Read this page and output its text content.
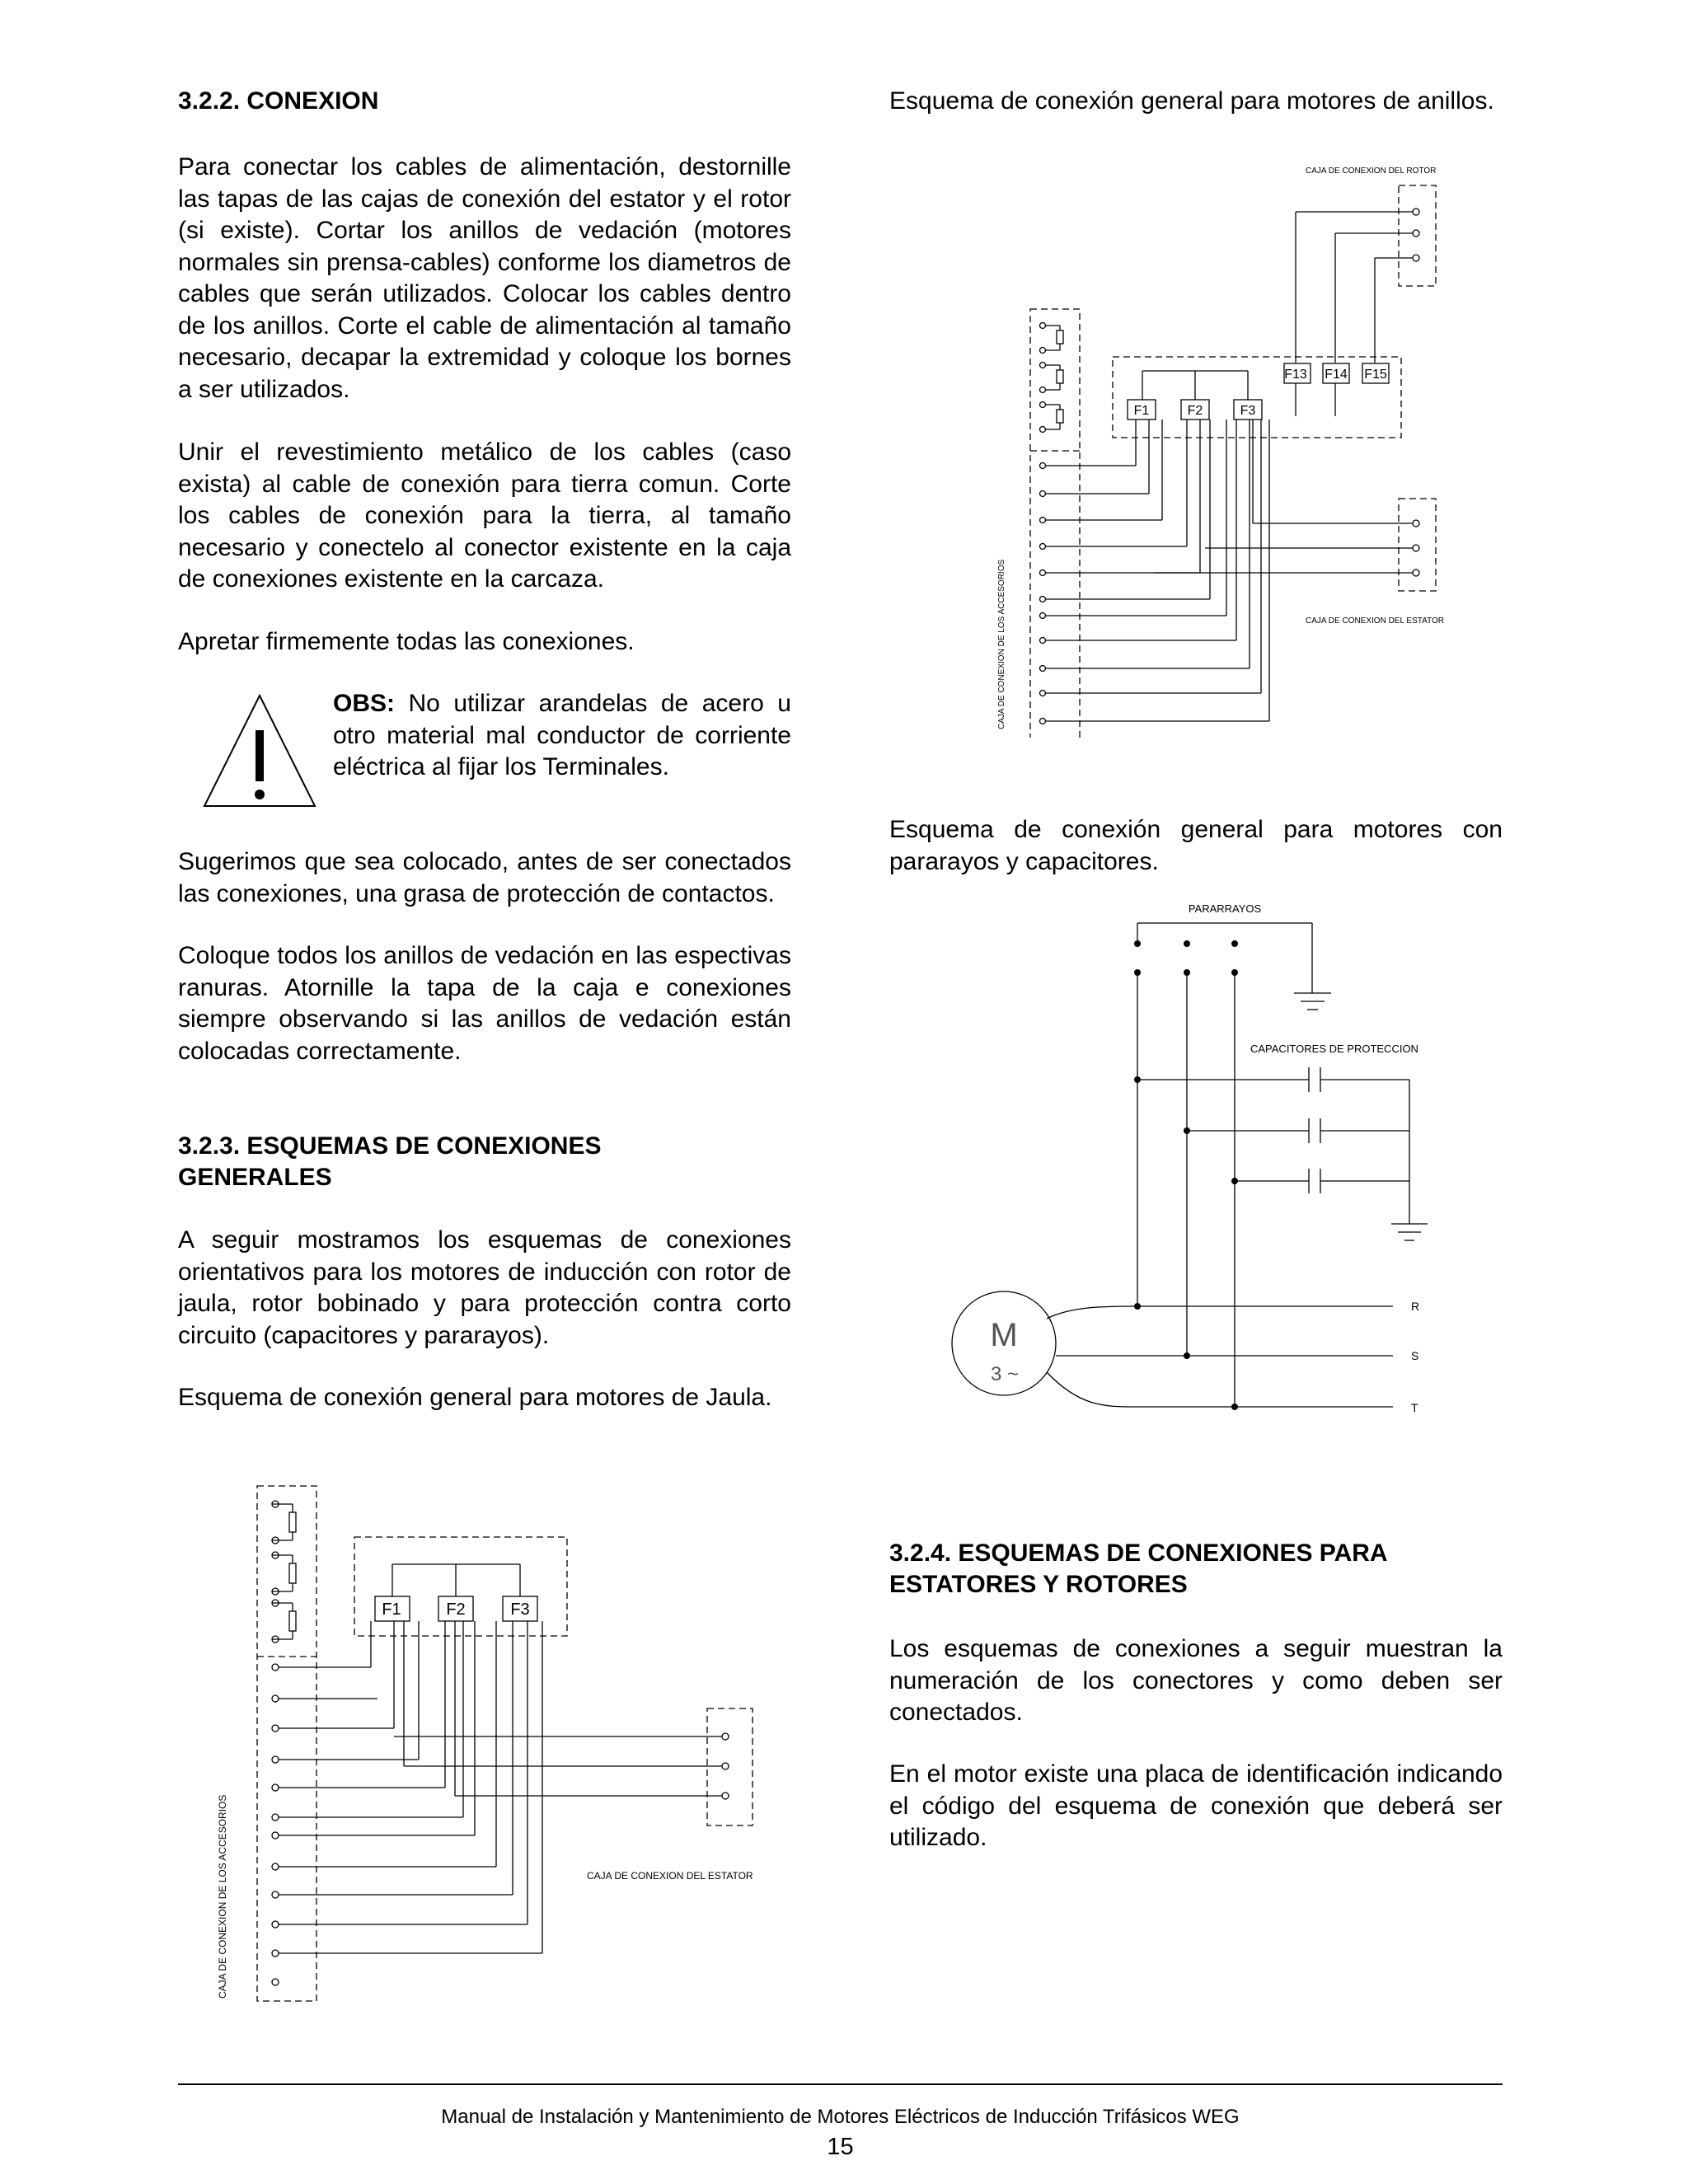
3.2.2. CONEXION

Para conectar los cables de alimentación, destornille las tapas de las cajas de conexión del estator y el rotor (si existe). Cortar los anillos de vedación (motores normales sin prensa-cables) conforme los diametros de cables que serán utilizados. Colocar los cables dentro de los anillos. Corte el cable de alimentación al tamaño necesario, decapar la extremidad y coloque los bornes a ser utilizados.

Unir el revestimiento metálico de los cables (caso exista) al cable de conexión para tierra comun. Corte los cables de conexión para la tierra, al tamaño necesario y conectelo al conector existente en la caja de conexiones existente en la carcaza.

Apretar firmemente todas las conexiones.

OBS: No utilizar arandelas de acero u otro material mal conductor de corriente eléctrica al fijar los Terminales.

Sugerimos que sea colocado, antes de ser conectados las conexiones, una grasa de protección de contactos.

Coloque todos los anillos de vedación en las espectivas ranuras. Atornille la tapa de la caja e conexiones siempre observando si las anillos de vedación están colocadas correctamente.

3.2.3. ESQUEMAS DE CONEXIONES
GENERALES

A seguir mostramos los esquemas de conexiones orientativos para los motores de inducción con rotor de jaula, rotor bobinado y para protección contra corto circuito (capacitores y pararayos).

Esquema de conexión general para motores de Jaula.

F1	F2	F3
CAJA DE CONEXION DEL ESTATOR
CAJA DE CONEXION DE LOS ACCESORIOS

Esquema de conexión general para motores de anillos.

F13 F14 F15
F1	F2	F3
CAJA DE CONEXION DEL ROTOR
CAJA DE CONEXION DEL ESTATOR
CAJA DE CONEXION DE LOS ACCESORIOS

Esquema de conexión general para motores con pararayos y capacitores.

PARARRAYOS
CAPACITORES DE PROTECCION
M
3 ~
R
S
T
3.2.4. ESQUEMAS DE CONEXIONES PARA
ESTATORES Y ROTORES

Los esquemas de conexiones a seguir muestran la numeración de los conectores y como deben ser conectados.

En el motor existe una placa de identificación indicando el código del esquema de conexión que deberá ser utilizado.

Manual de Instalación y Mantenimiento de Motores Eléctricos de Inducción Trifásicos WEG
15
